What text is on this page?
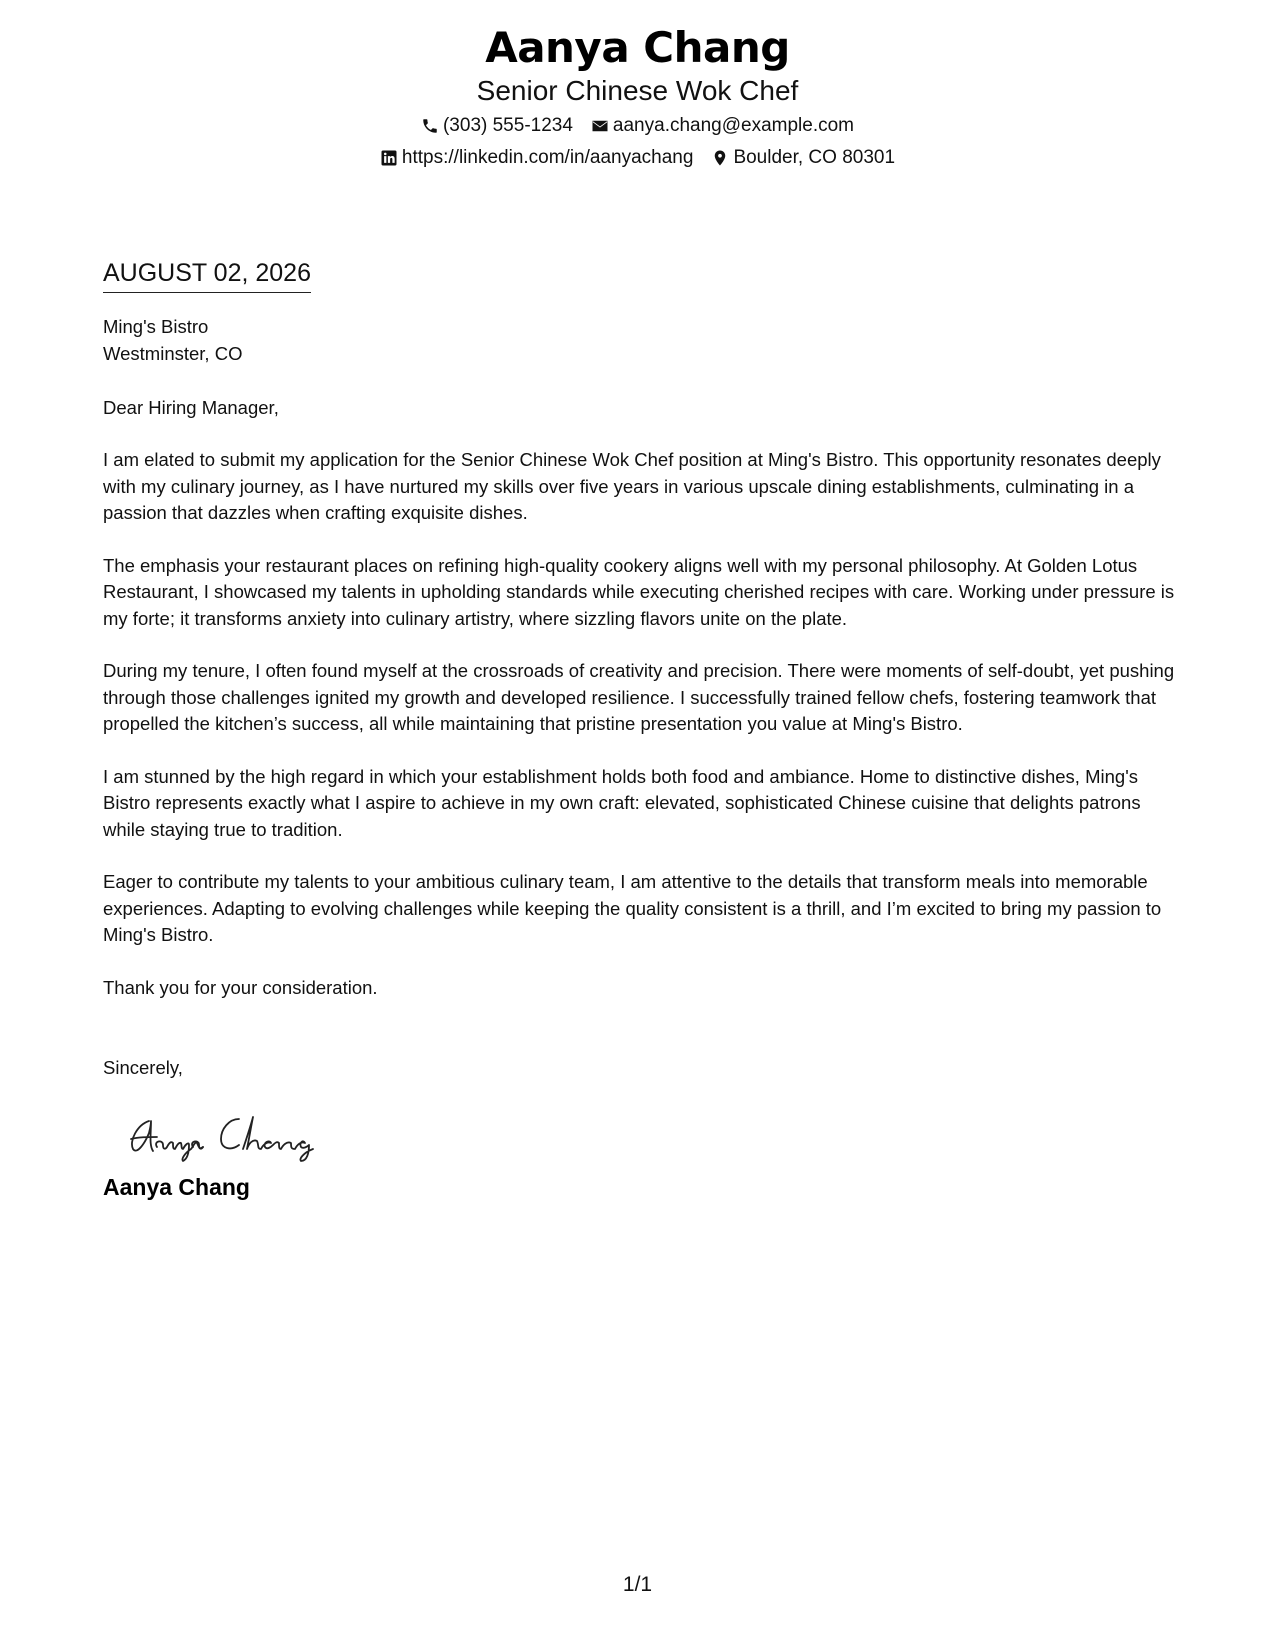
Aanya Chang
Senior Chinese Wok Chef
(303) 555-1234 aanya.chang@example.com
https://linkedin.com/in/aanyachang Boulder, CO 80301
AUGUST 02, 2026
Ming's Bistro
Westminster, CO
Dear Hiring Manager,
I am elated to submit my application for the Senior Chinese Wok Chef position at Ming's Bistro. This opportunity resonates deeply with my culinary journey, as I have nurtured my skills over five years in various upscale dining establishments, culminating in a passion that dazzles when crafting exquisite dishes.
The emphasis your restaurant places on refining high-quality cookery aligns well with my personal philosophy. At Golden Lotus Restaurant, I showcased my talents in upholding standards while executing cherished recipes with care. Working under pressure is my forte; it transforms anxiety into culinary artistry, where sizzling flavors unite on the plate.
During my tenure, I often found myself at the crossroads of creativity and precision. There were moments of self-doubt, yet pushing through those challenges ignited my growth and developed resilience. I successfully trained fellow chefs, fostering teamwork that propelled the kitchen’s success, all while maintaining that pristine presentation you value at Ming's Bistro.
I am stunned by the high regard in which your establishment holds both food and ambiance. Home to distinctive dishes, Ming's Bistro represents exactly what I aspire to achieve in my own craft: elevated, sophisticated Chinese cuisine that delights patrons while staying true to tradition.
Eager to contribute my talents to your ambitious culinary team, I am attentive to the details that transform meals into memorable experiences. Adapting to evolving challenges while keeping the quality consistent is a thrill, and I’m excited to bring my passion to Ming's Bistro.
Thank you for your consideration.
Sincerely,
Aanya Chang
1/1
